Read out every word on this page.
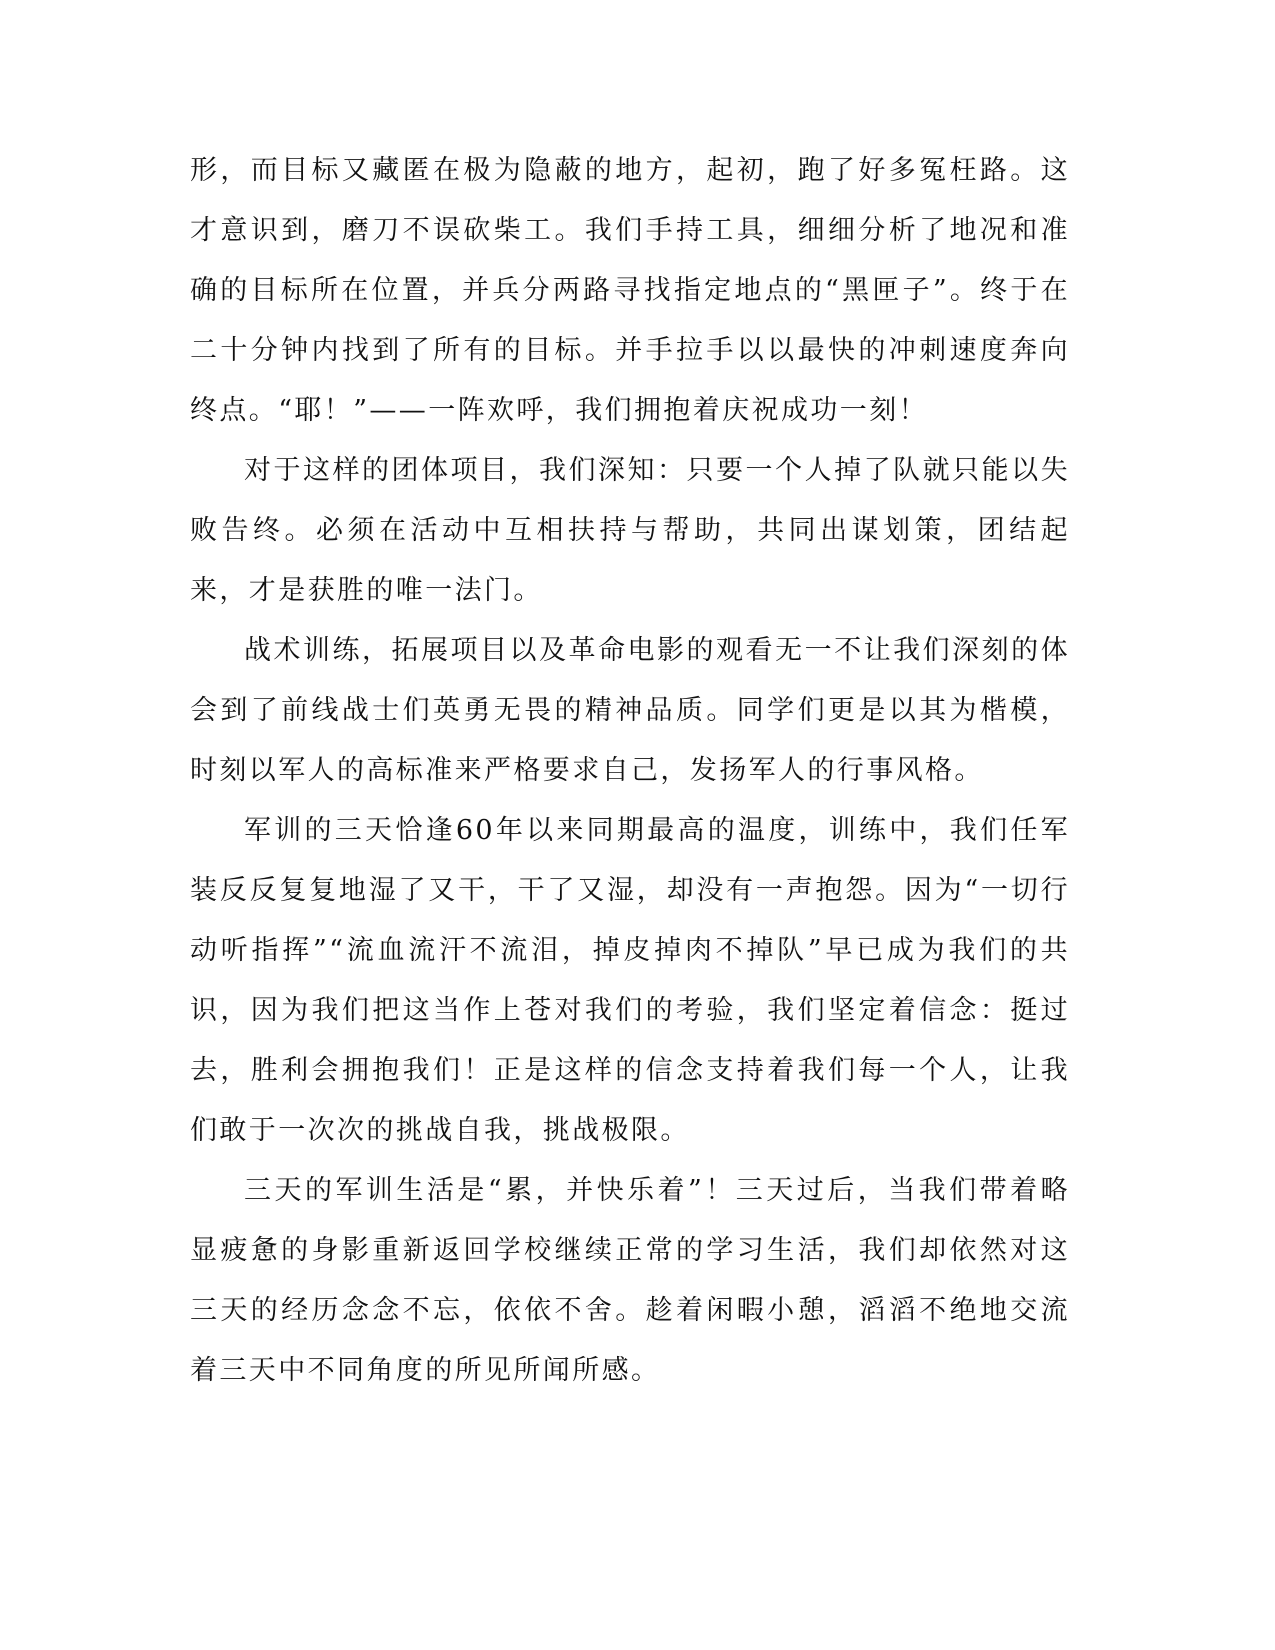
形，而目标又藏匿在极为隐蔽的地方，起初，跑了好多冤枉路。这才意识到，磨刀不误砍柴工。我们手持工具，细细分析了地况和准确的目标所在位置，并兵分两路寻找指定地点的“黑匣子”。终于在二十分钟内找到了所有的目标。并手拉手以以最快的冲刺速度奔向终点。“耶！”——一阵欢呼，我们拥抱着庆祝成功一刻！

对于这样的团体项目，我们深知：只要一个人掉了队就只能以失败告终。必须在活动中互相扶持与帮助，共同出谋划策，团结起来，才是获胜的唯一法门。

战术训练，拓展项目以及革命电影的观看无一不让我们深刻的体会到了前线战士们英勇无畏的精神品质。同学们更是以其为楷模，时刻以军人的高标准来严格要求自己，发扬军人的行事风格。

军训的三天恰逢60年以来同期最高的温度，训练中，我们任军装反反复复地湿了又干，干了又湿，却没有一声抱怨。因为“一切行动听指挥”“流血流汗不流泪，掉皮掉肉不掉队”早已成为我们的共识，因为我们把这当作上苍对我们的考验，我们坚定着信念：挺过去，胜利会拥抱我们！正是这样的信念支持着我们每一个人，让我们敢于一次次的挑战自我，挑战极限。

三天的军训生活是“累，并快乐着”！三天过后，当我们带着略显疲惫的身影重新返回学校继续正常的学习生活，我们却依然对这三天的经历念念不忘，依依不舍。趁着闲暇小憩，滔滔不绝地交流着三天中不同角度的所见所闻所感。
